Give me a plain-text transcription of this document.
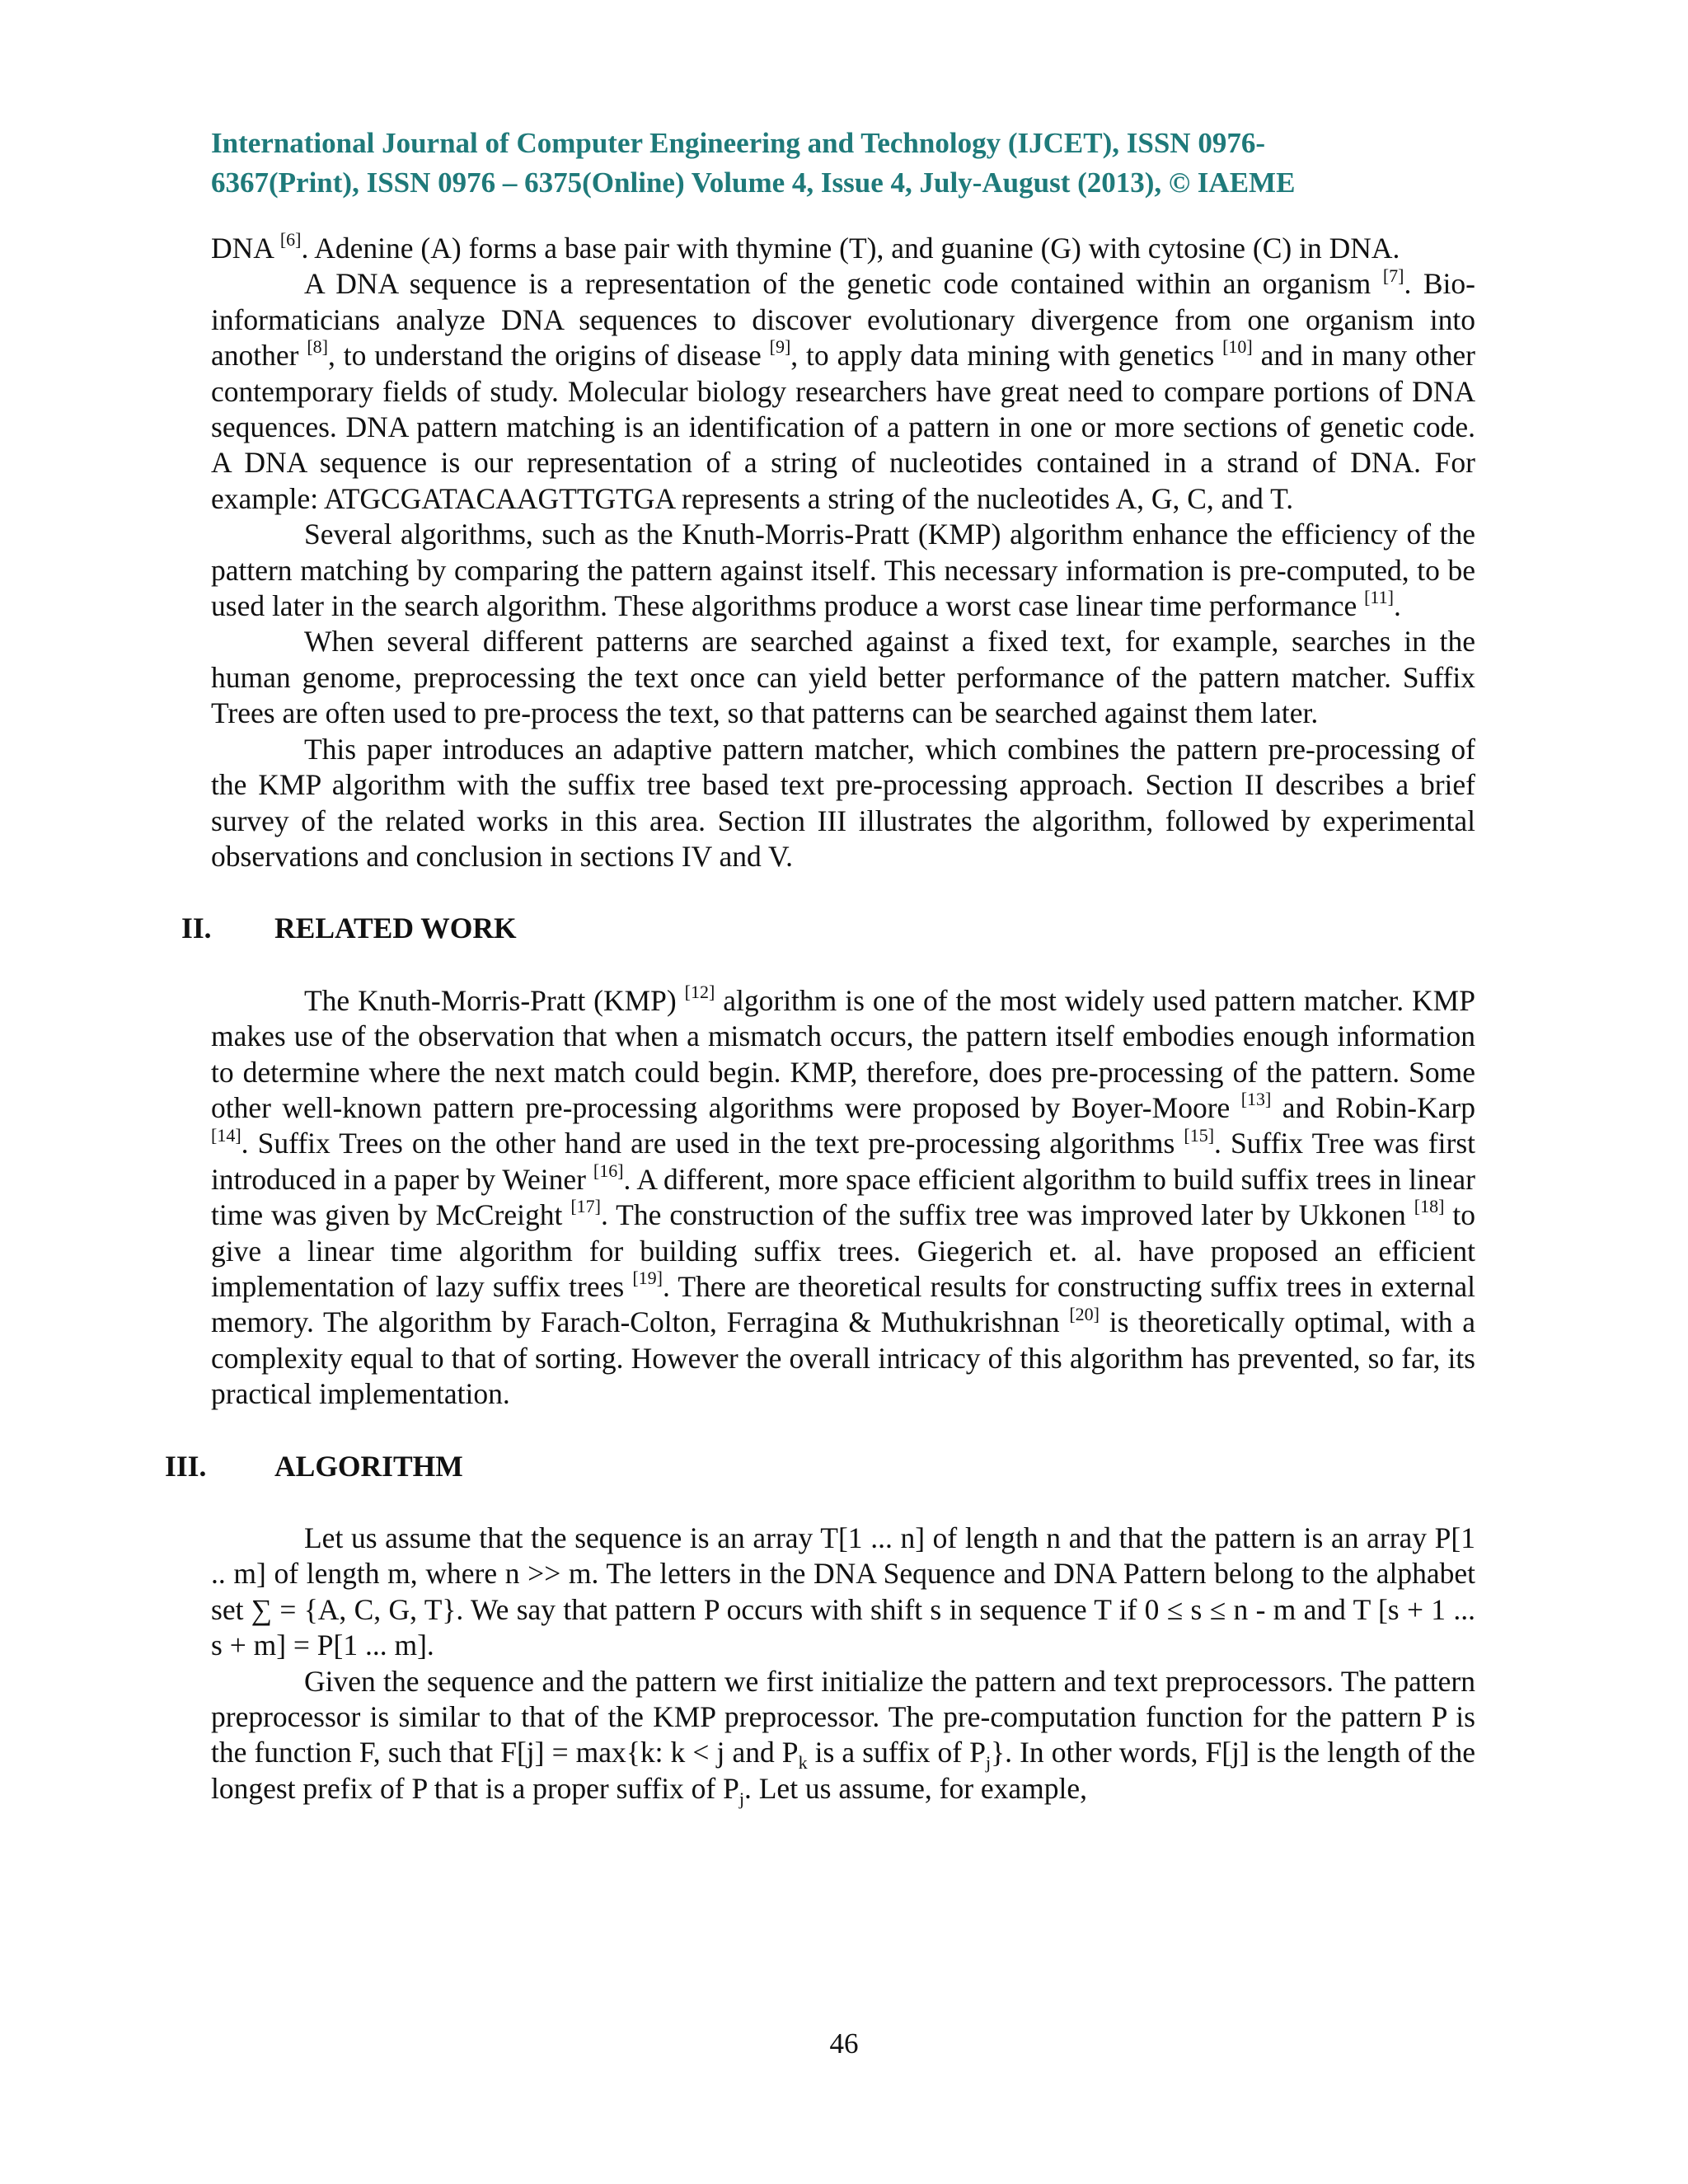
International Journal of Computer Engineering and Technology (IJCET), ISSN 0976-
6367(Print), ISSN 0976 – 6375(Online) Volume 4, Issue 4, July-August (2013), © IAEME

DNA [6]. Adenine (A) forms a base pair with thymine (T), and guanine (G) with cytosine (C) in DNA.

A DNA sequence is a representation of the genetic code contained within an organism [7]. Bio-informaticians analyze DNA sequences to discover evolutionary divergence from one organism into another [8], to understand the origins of disease [9], to apply data mining with genetics [10] and in many other contemporary fields of study. Molecular biology researchers have great need to compare portions of DNA sequences. DNA pattern matching is an identification of a pattern in one or more sections of genetic code. A DNA sequence is our representation of a string of nucleotides contained in a strand of DNA. For example: ATGCGATACAAGTTGTGA represents a string of the nucleotides A, G, C, and T.

Several algorithms, such as the Knuth-Morris-Pratt (KMP) algorithm enhance the efficiency of the pattern matching by comparing the pattern against itself. This necessary information is pre-computed, to be used later in the search algorithm. These algorithms produce a worst case linear time performance [11].

When several different patterns are searched against a fixed text, for example, searches in the human genome, preprocessing the text once can yield better performance of the pattern matcher. Suffix Trees are often used to pre-process the text, so that patterns can be searched against them later.

This paper introduces an adaptive pattern matcher, which combines the pattern pre-processing of the KMP algorithm with the suffix tree based text pre-processing approach. Section II describes a brief survey of the related works in this area. Section III illustrates the algorithm, followed by experimental observations and conclusion in sections IV and V.

II.	RELATED WORK

The Knuth-Morris-Pratt (KMP) [12] algorithm is one of the most widely used pattern matcher. KMP makes use of the observation that when a mismatch occurs, the pattern itself embodies enough information to determine where the next match could begin. KMP, therefore, does pre-processing of the pattern. Some other well-known pattern pre-processing algorithms were proposed by Boyer-Moore [13] and Robin-Karp [14]. Suffix Trees on the other hand are used in the text pre-processing algorithms [15]. Suffix Tree was first introduced in a paper by Weiner [16]. A different, more space efficient algorithm to build suffix trees in linear time was given by McCreight [17]. The construction of the suffix tree was improved later by Ukkonen [18] to give a linear time algorithm for building suffix trees. Giegerich et. al. have proposed an efficient implementation of lazy suffix trees [19]. There are theoretical results for constructing suffix trees in external memory. The algorithm by Farach-Colton, Ferragina & Muthukrishnan [20] is theoretically optimal, with a complexity equal to that of sorting. However the overall intricacy of this algorithm has prevented, so far, its practical implementation.

III.	ALGORITHM

Let us assume that the sequence is an array T[1 ... n] of length n and that the pattern is an array P[1 .. m] of length m, where n >> m. The letters in the DNA Sequence and DNA Pattern belong to the alphabet set ∑ = {A, C, G, T}. We say that pattern P occurs with shift s in sequence T if 0 ≤ s ≤ n - m and T [s + 1 ... s + m] = P[1 ... m].

Given the sequence and the pattern we first initialize the pattern and text preprocessors. The pattern preprocessor is similar to that of the KMP preprocessor. The pre-computation function for the pattern P is the function F, such that F[j] = max{k: k < j and $P_k$ is a suffix of $P_j$}. In other words, F[j] is the length of the longest prefix of P that is a proper suffix of $P_j$. Let us assume, for example,

46
